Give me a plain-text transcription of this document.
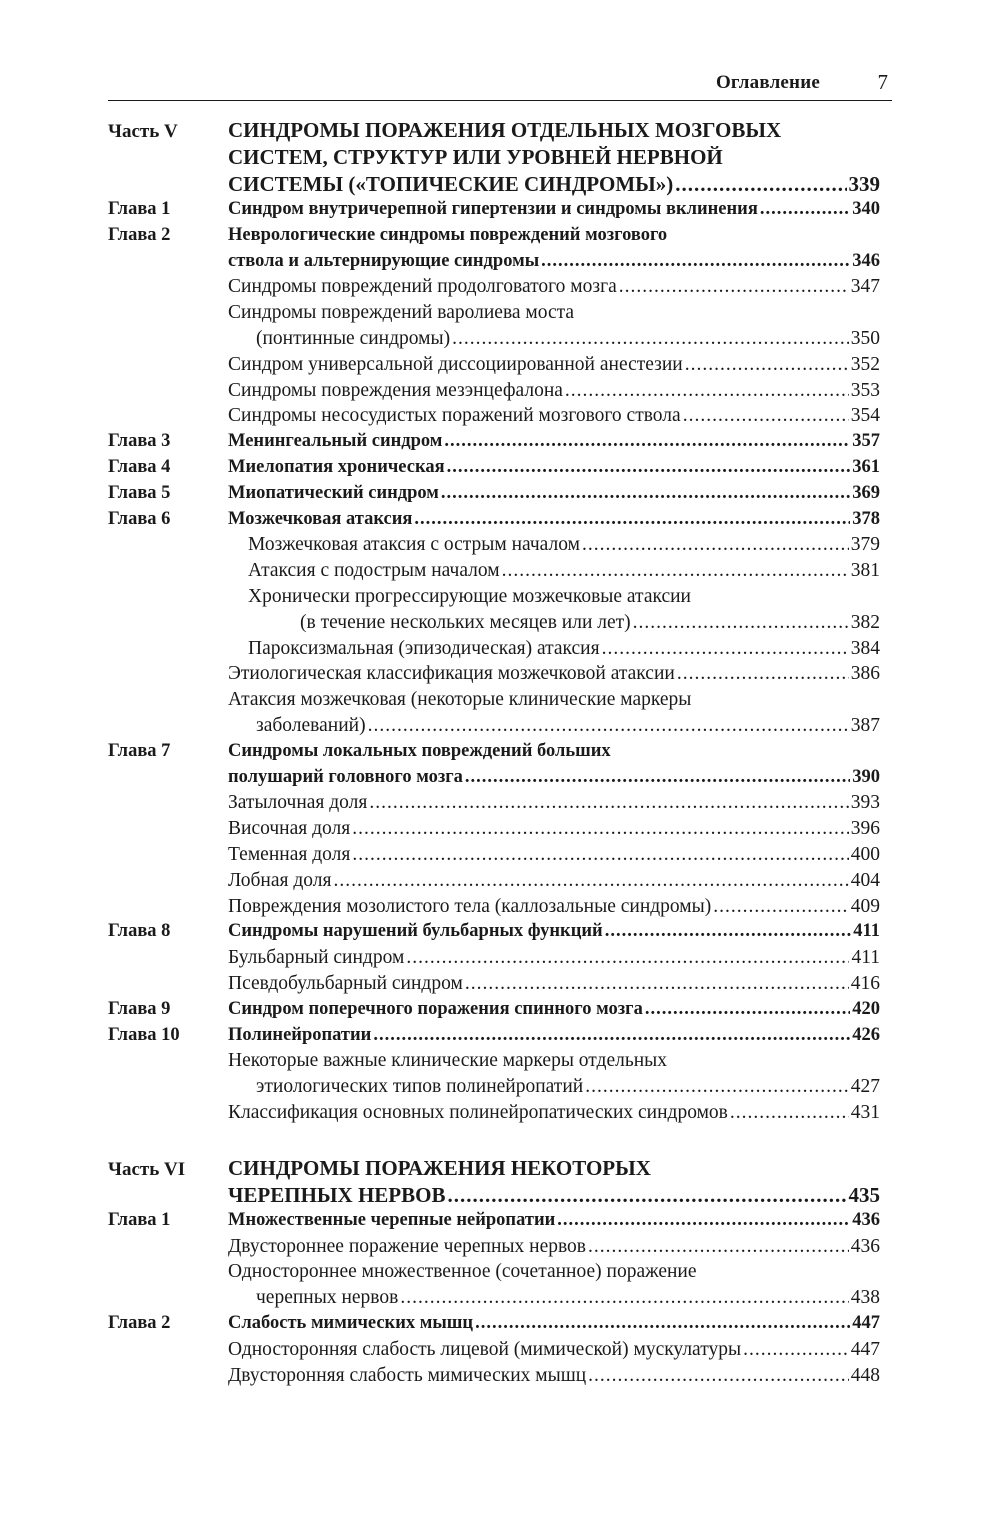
Оглавление	7
Часть V СИНДРОМЫ ПОРАЖЕНИЯ ОТДЕЛЬНЫХ МОЗГОВЫХ
СИСТЕМ, СТРУКТУР ИЛИ УРОВНЕЙ НЕРВНОЙ
СИСТЕМЫ («ТОПИЧЕСКИЕ СИНДРОМЫ») .....	339
Глава 1	Синдром внутричерепной гипертензии и синдромы вклинения .....	340
Глава 2	Неврологические синдромы повреждений мозгового
ствола и альтернирующие синдромы .....	346
Синдромы повреждений продолговатого мозга .....	347
Синдромы повреждений варолиева моста
(понтинные синдромы) .....	350
Синдром универсальной диссоциированной анестезии .....	352
Синдромы повреждения мезэнцефалона .....	353
Синдромы несосудистых поражений мозгового ствола .....	354
Глава 3	Менингеальный синдром .....	357
Глава 4	Миелопатия хроническая .....	361
Глава 5	Миопатический синдром .....	369
Глава 6	Мозжечковая атаксия .....	378
Мозжечковая атаксия с острым началом .....	379
Атаксия с подострым началом .....	381
Хронически прогрессирующие мозжечковые атаксии
(в течение нескольких месяцев или лет) .....	382
Пароксизмальная (эпизодическая) атаксия .....	384
Этиологическая классификация мозжечковой атаксии .....	386
Атаксия мозжечковая (некоторые клинические маркеры
заболеваний) .....	387
Глава 7	Синдромы локальных повреждений больших
полушарий головного мозга .....	390
Затылочная доля .....	393
Височная доля .....	396
Теменная доля .....	400
Лобная доля .....	404
Повреждения мозолистого тела (каллозальные синдромы) .....	409
Глава 8	Синдромы нарушений бульбарных функций .....	411
Бульбарный синдром .....	411
Псевдобульбарный синдром .....	416
Глава 9	Синдром поперечного поражения спинного мозга .....	420
Глава 10	Полинейропатии .....	426
Некоторые важные клинические маркеры отдельных
этиологических типов полинейропатий .....	427
Классификация основных полинейропатических синдромов .....	431
Часть VI СИНДРОМЫ ПОРАЖЕНИЯ НЕКОТОРЫХ
ЧЕРЕПНЫХ НЕРВОВ .....	435
Глава 1	Множественные черепные нейропатии .....	436
Двустороннее поражение черепных нервов .....	436
Одностороннее множественное (сочетанное) поражение
черепных нервов .....	438
Глава 2	Слабость мимических мышц .....	447
Односторонняя слабость лицевой (мимической) мускулатуры .....	447
Двусторонняя слабость мимических мышц .....	448
